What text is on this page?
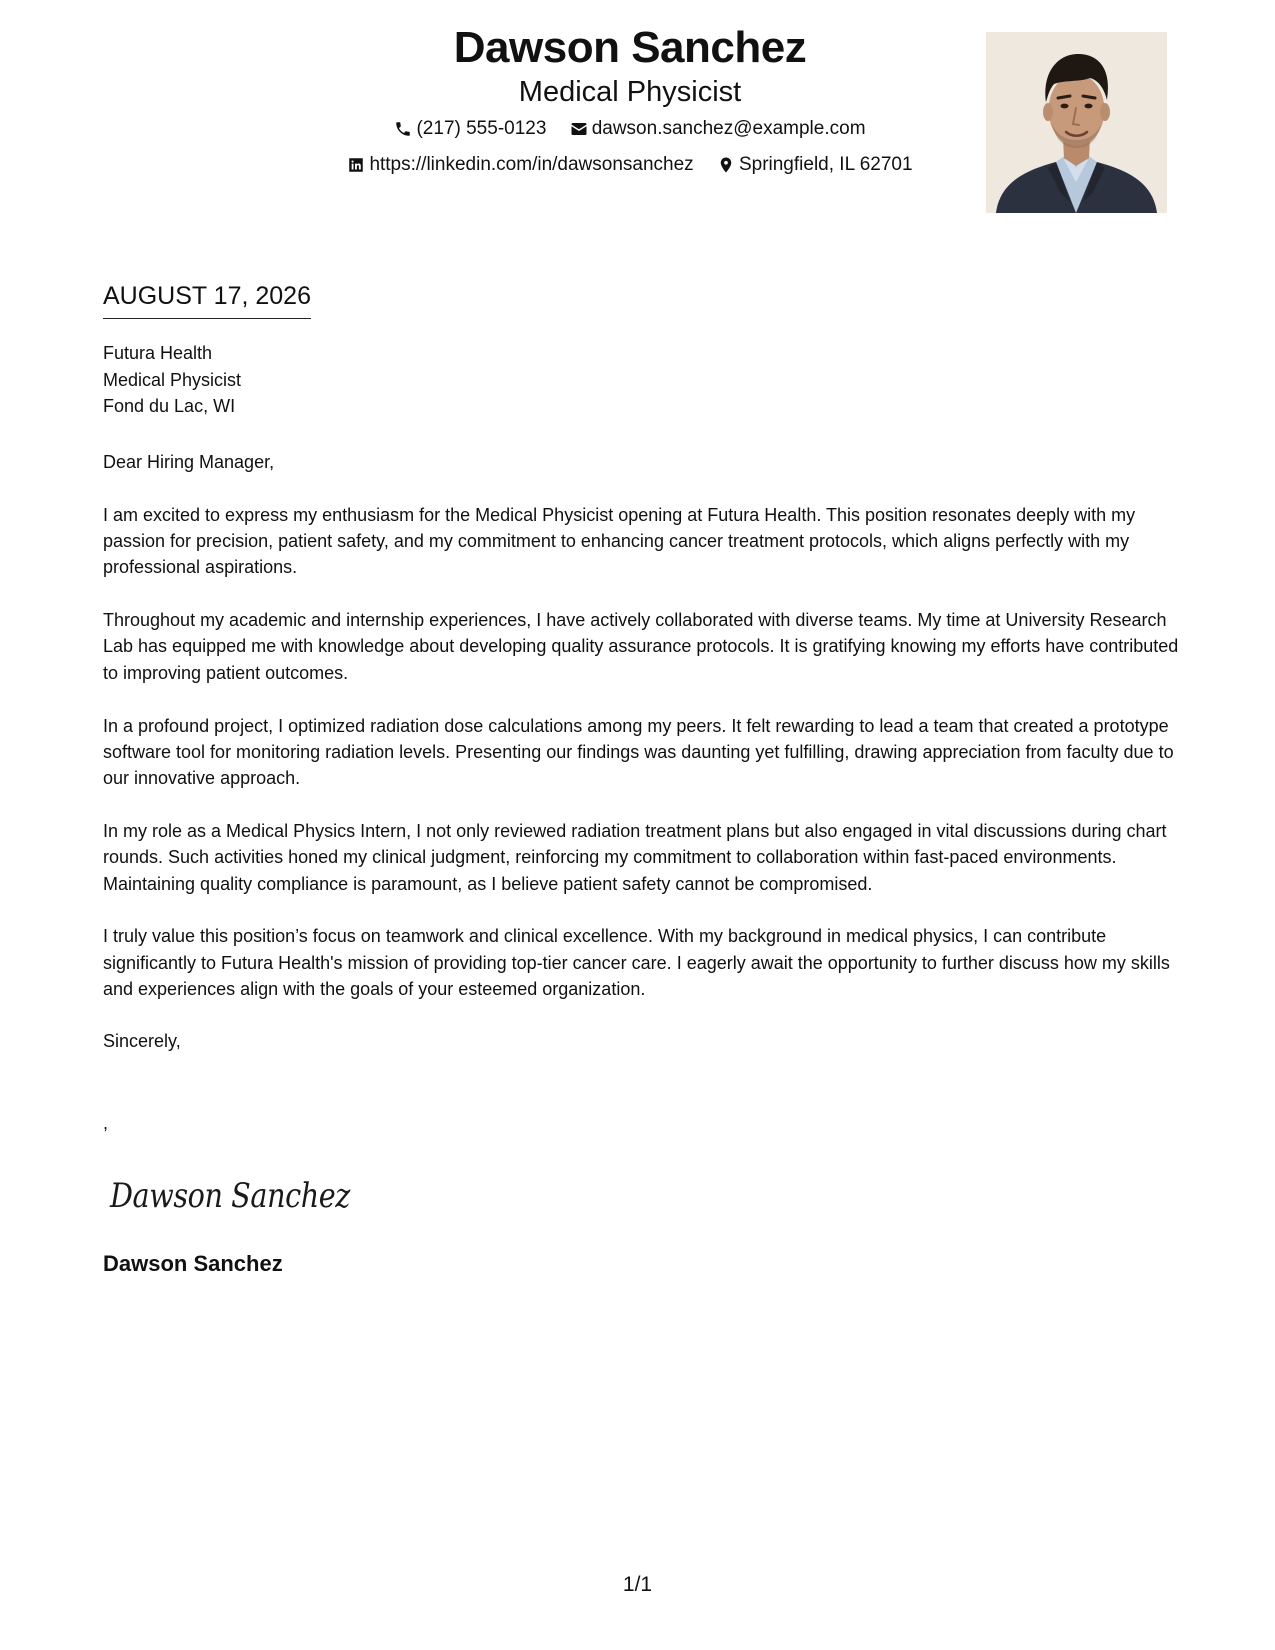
Dawson Sanchez
Medical Physicist
(217) 555-0123
dawson.sanchez@example.com
https://linkedin.com/in/dawsonsanchez
Springfield, IL 62701
AUGUST 17, 2026
Futura Health
Medical Physicist
Fond du Lac, WI

Dear Hiring Manager,

I am excited to express my enthusiasm for the Medical Physicist opening at Futura Health. This position resonates deeply with my passion for precision, patient safety, and my commitment to enhancing cancer treatment protocols, which aligns perfectly with my professional aspirations.

Throughout my academic and internship experiences, I have actively collaborated with diverse teams. My time at University Research Lab has equipped me with knowledge about developing quality assurance protocols. It is gratifying knowing my efforts have contributed to improving patient outcomes.

In a profound project, I optimized radiation dose calculations among my peers. It felt rewarding to lead a team that created a prototype software tool for monitoring radiation levels. Presenting our findings was daunting yet fulfilling, drawing appreciation from faculty due to our innovative approach.

In my role as a Medical Physics Intern, I not only reviewed radiation treatment plans but also engaged in vital discussions during chart rounds. Such activities honed my clinical judgment, reinforcing my commitment to collaboration within fast-paced environments. Maintaining quality compliance is paramount, as I believe patient safety cannot be compromised.

I truly value this position’s focus on teamwork and clinical excellence. With my background in medical physics, I can contribute significantly to Futura Health's mission of providing top-tier cancer care. I eagerly await the opportunity to further discuss how my skills and experiences align with the goals of your esteemed organization.

Sincerely,
,
Dawson Sanchez
Dawson Sanchez
1/1
